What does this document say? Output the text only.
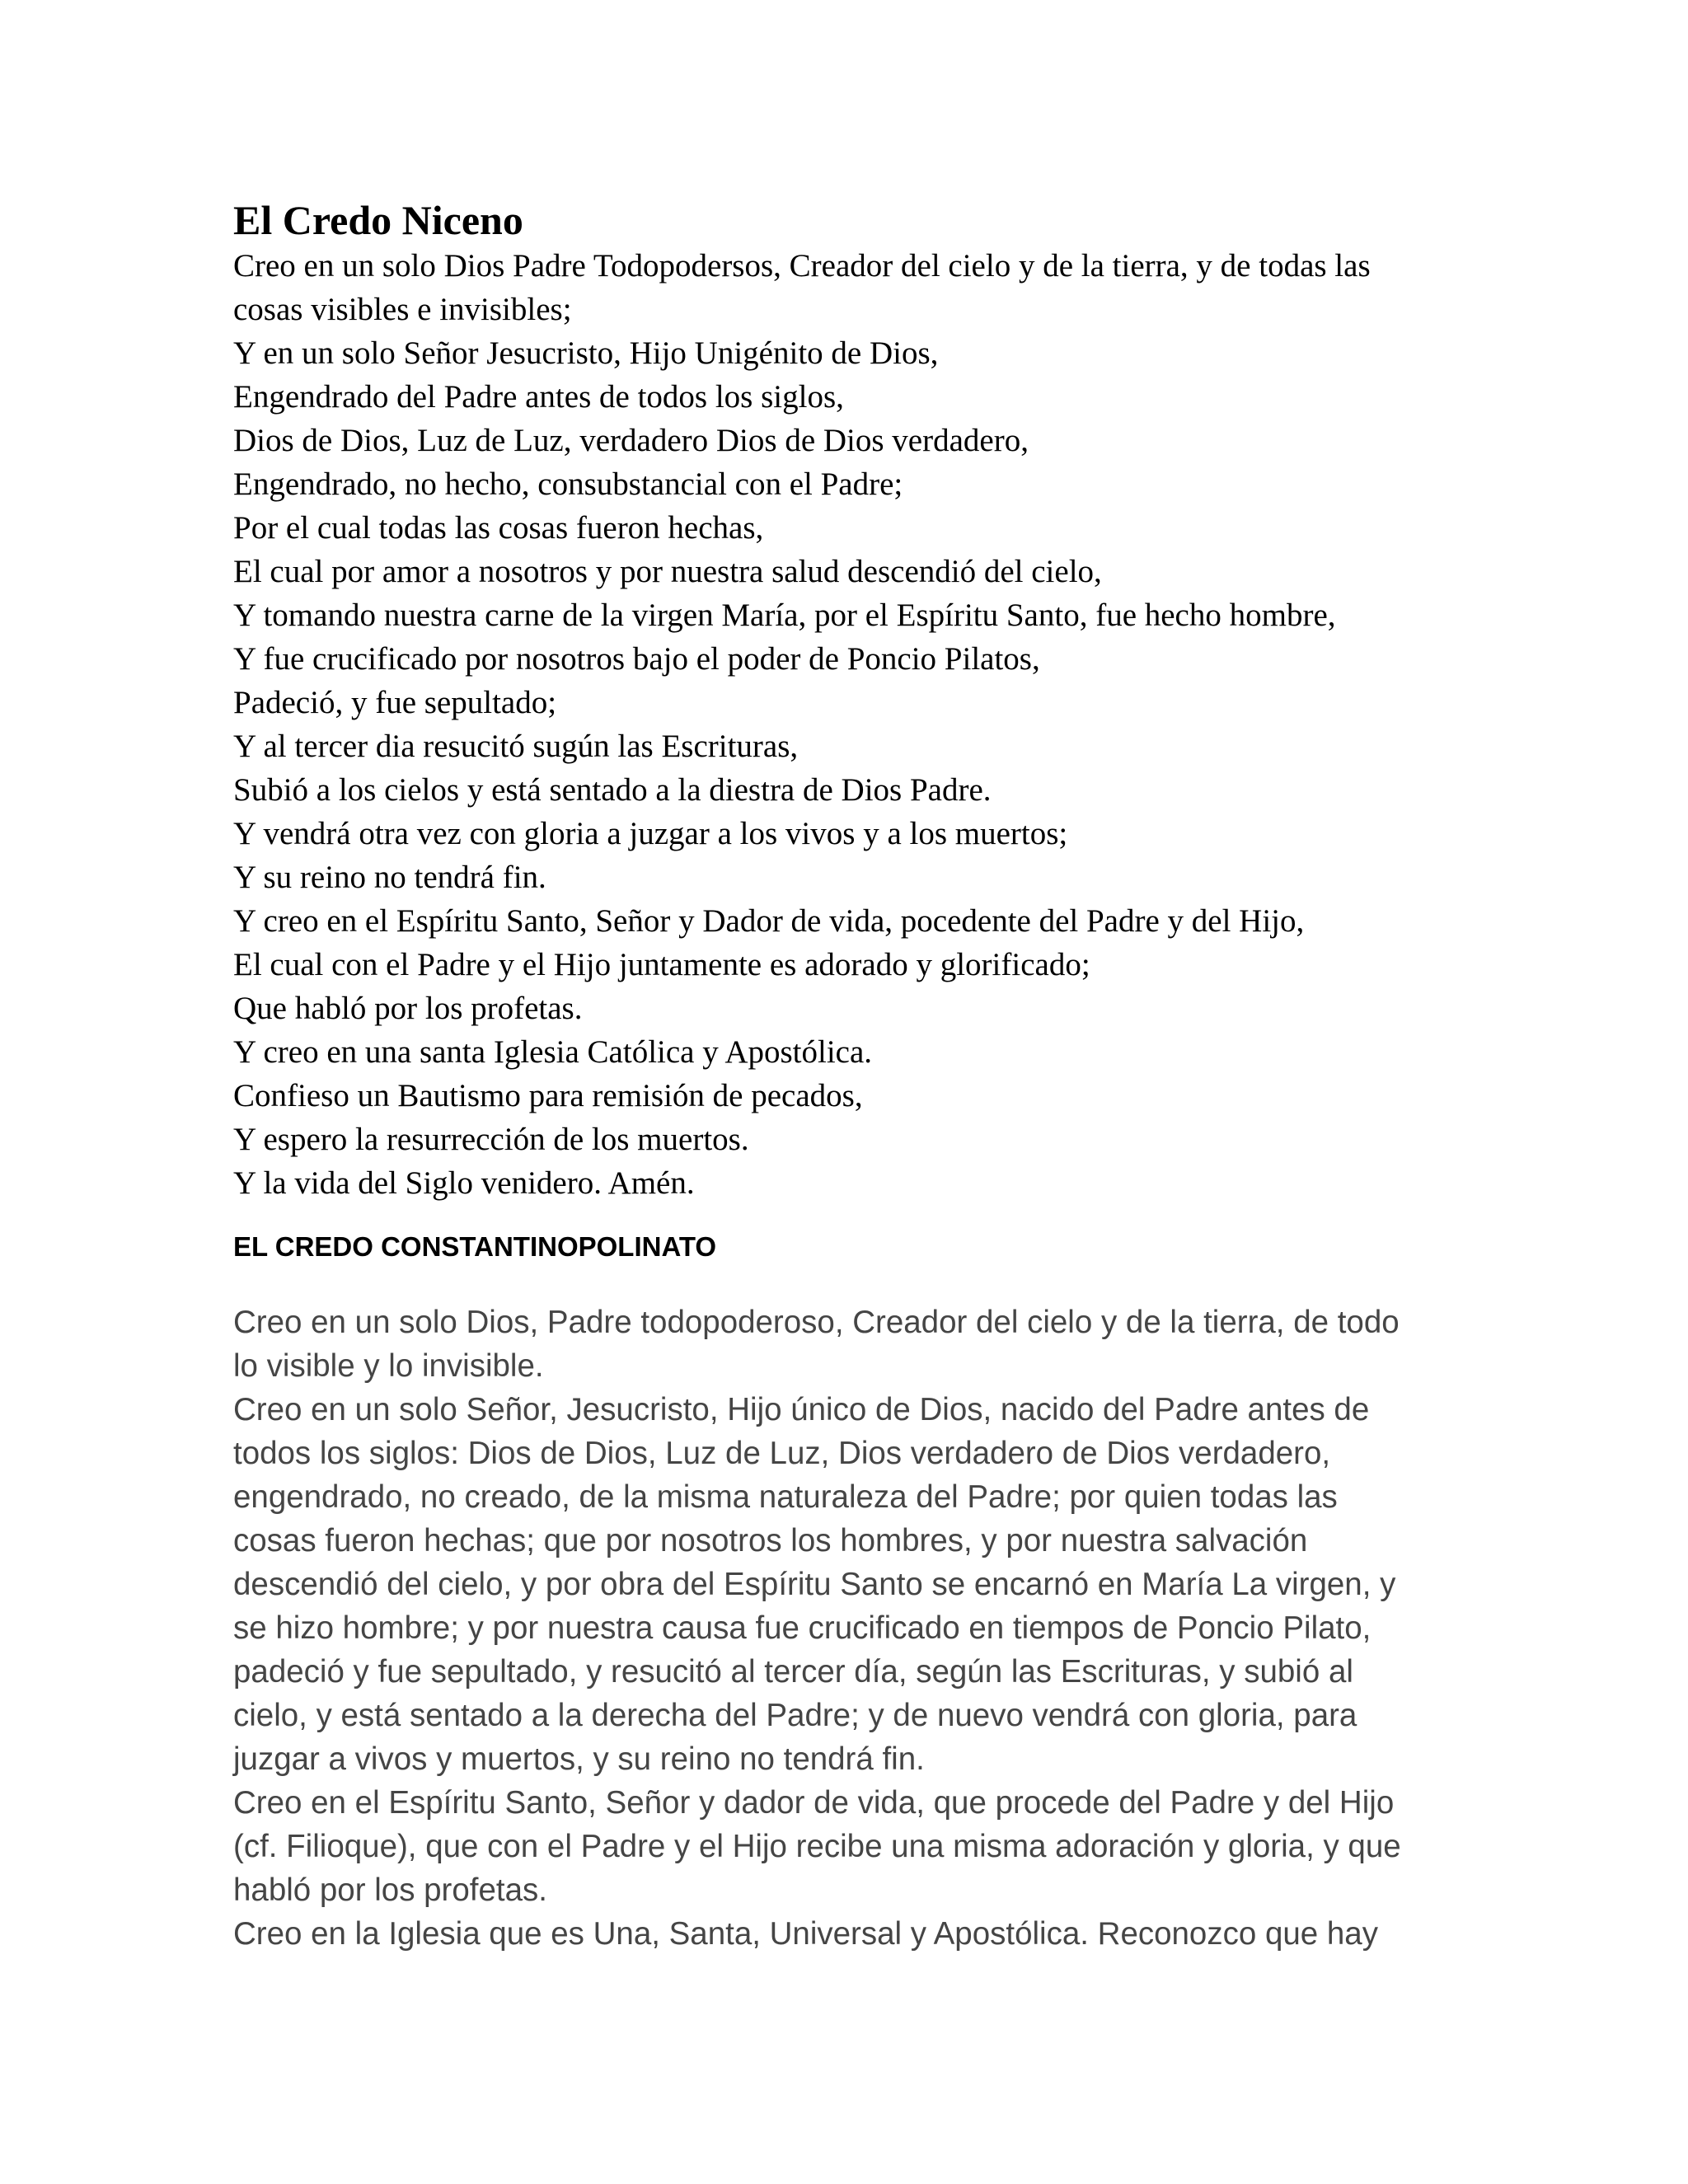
El Credo Niceno

Creo en un solo Dios Padre Todopodersos, Creador del cielo y de la tierra, y de todas las

cosas visibles e invisibles;

Y en un solo Señor Jesucristo, Hijo Unigénito de Dios,

Engendrado del Padre antes de todos los siglos,

Dios de Dios, Luz de Luz, verdadero Dios de Dios verdadero,

Engendrado, no hecho, consubstancial con el Padre;

Por el cual todas las cosas fueron hechas,

El cual por amor a nosotros y por nuestra salud descendió del cielo,

Y tomando nuestra carne de la virgen María, por el Espíritu Santo, fue hecho hombre,

Y fue crucificado por nosotros bajo el poder de Poncio Pilatos,

Padeció, y fue sepultado;

Y al tercer dia resucitó sugún las Escrituras,

Subió a los cielos y está sentado a la diestra de Dios Padre.

Y vendrá otra vez con gloria a juzgar a los vivos y a los muertos;

Y su reino no tendrá fin.

Y creo en el Espíritu Santo, Señor y Dador de vida, pocedente del Padre y del Hijo,

El cual con el Padre y el Hijo juntamente es adorado y glorificado;

Que habló por los profetas.

Y creo en una santa Iglesia Católica y Apostólica.

Confieso un Bautismo para remisión de pecados,

Y espero la resurrección de los muertos.

Y la vida del Siglo venidero. Amén.

EL CREDO CONSTANTINOPOLINATO

Creo en un solo Dios, Padre todopoderoso, Creador del cielo y de la tierra, de todo

lo visible y lo invisible.

Creo en un solo Señor, Jesucristo, Hijo único de Dios, nacido del Padre antes de

todos los siglos: Dios de Dios, Luz de Luz, Dios verdadero de Dios verdadero,

engendrado, no creado, de la misma naturaleza del Padre; por quien todas las

cosas fueron hechas; que por nosotros los hombres, y por nuestra salvación

descendió del cielo, y por obra del Espíritu Santo se encarnó en María La virgen, y

se hizo hombre; y por nuestra causa fue crucificado en tiempos de Poncio Pilato,

padeció y fue sepultado, y resucitó al tercer día, según las Escrituras, y subió al

cielo, y está sentado a la derecha del Padre; y de nuevo vendrá con gloria, para

juzgar a vivos y muertos, y su reino no tendrá fin.

Creo en el Espíritu Santo, Señor y dador de vida, que procede del Padre y del Hijo

(cf. Filioque), que con el Padre y el Hijo recibe una misma adoración y gloria, y que

habló por los profetas.

Creo en la Iglesia que es Una, Santa, Universal y Apostólica. Reconozco que hay
